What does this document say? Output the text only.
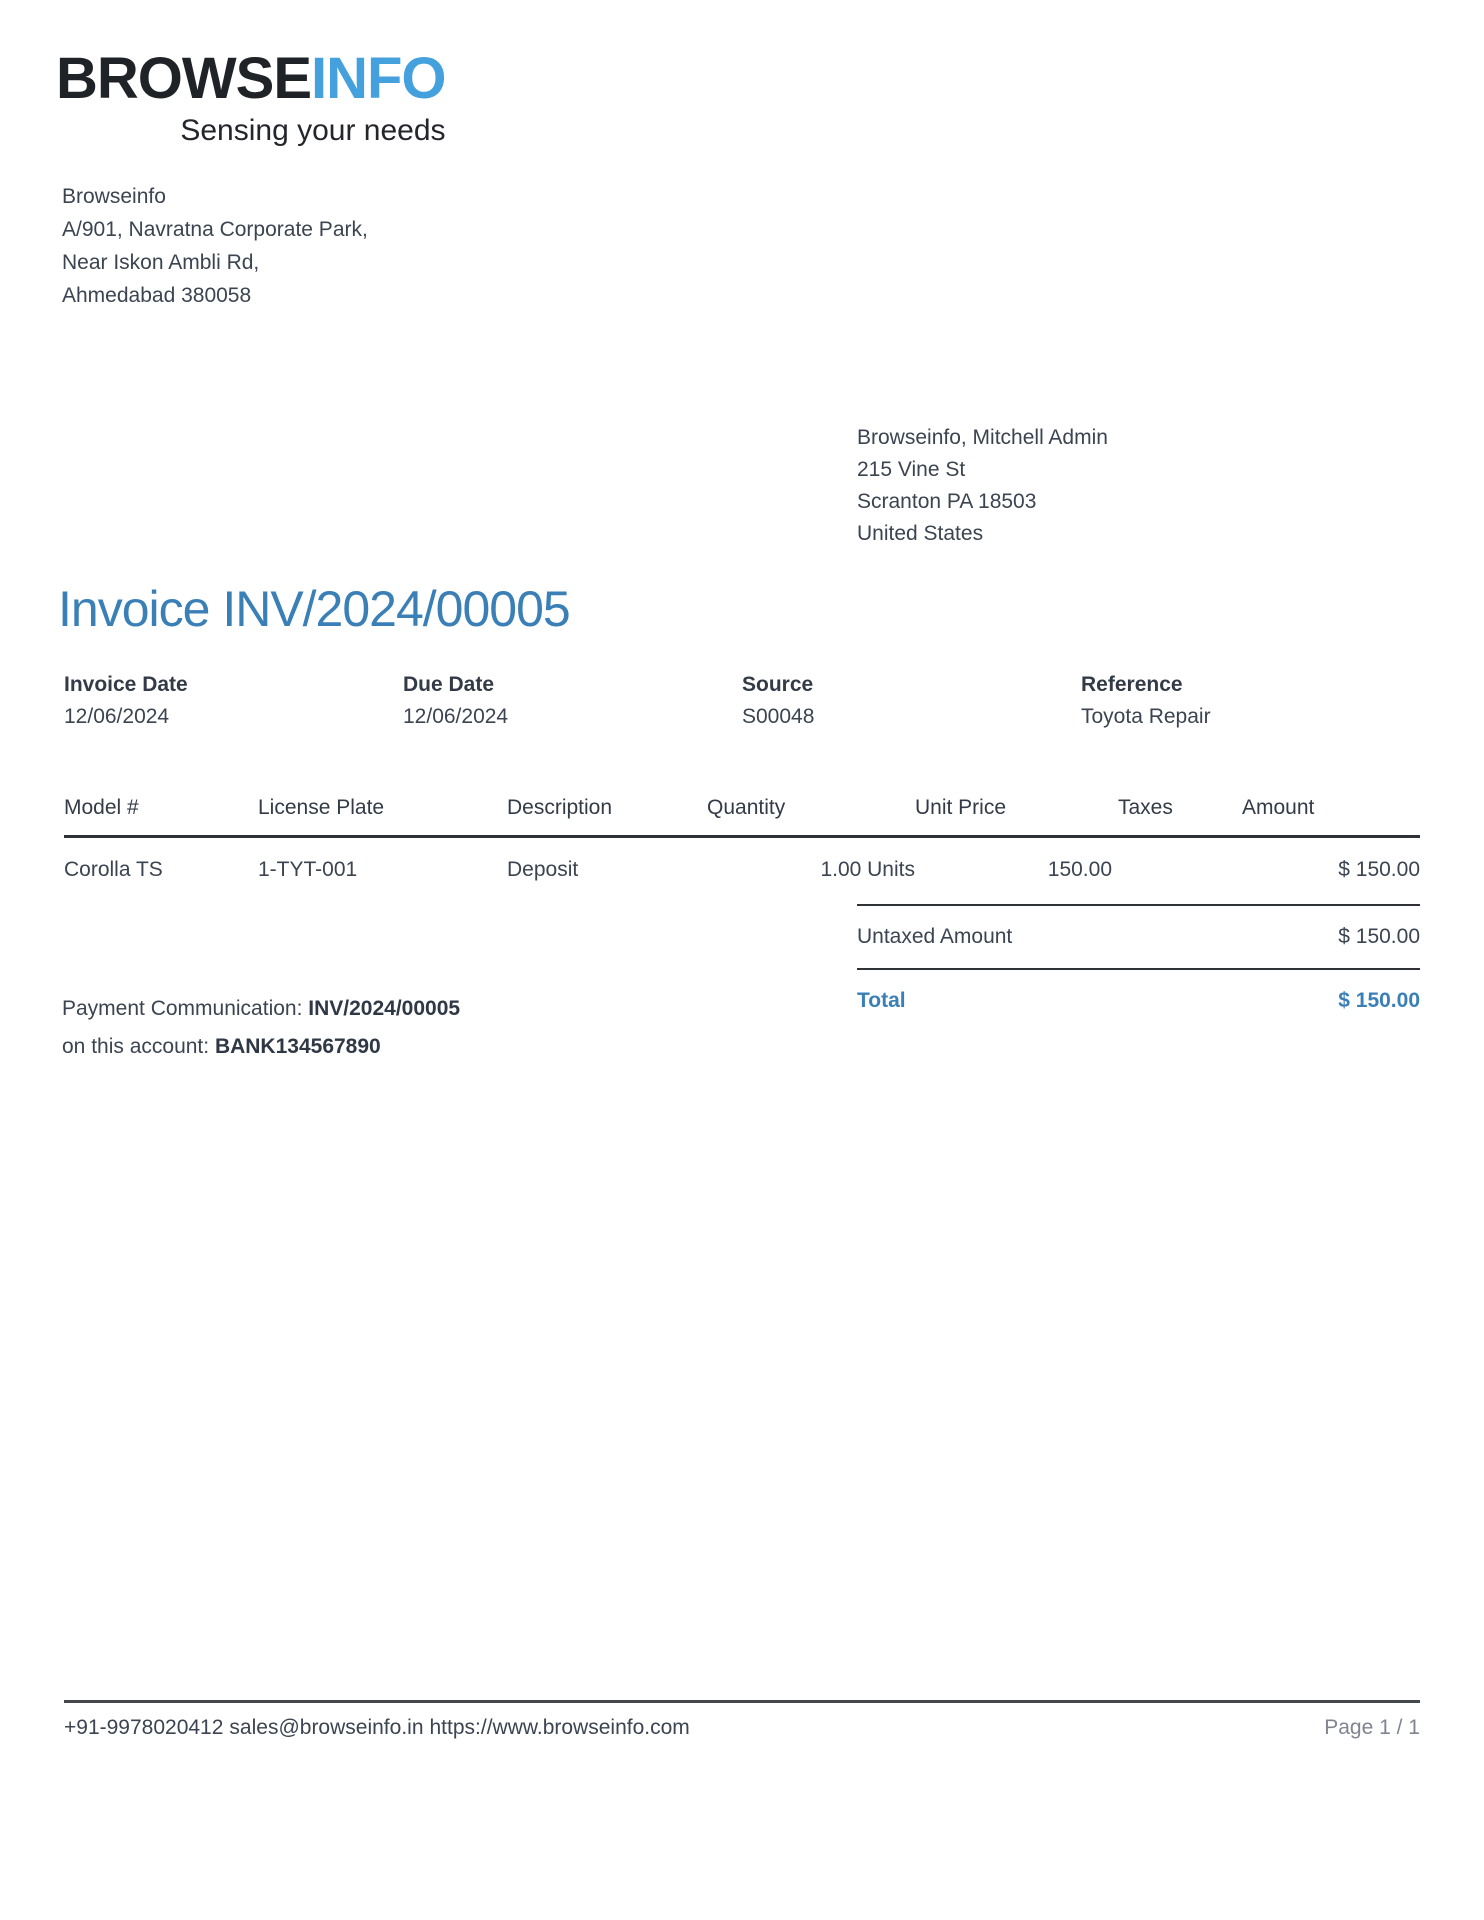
BROWSEINFO
Sensing your needs
Browseinfo
A/901, Navratna Corporate Park,
Near Iskon Ambli Rd,
Ahmedabad 380058
Browseinfo, Mitchell Admin
215 Vine St
Scranton PA 18503
United States
Invoice INV/2024/00005
Invoice Date
12/06/2024
Due Date
12/06/2024
Source
S00048
Reference
Toyota Repair
Model #	License Plate	Description	Quantity	Unit Price	Taxes	Amount
Corolla TS	1-TYT-001	Deposit	1.00 Units	150.00		$ 150.00
Untaxed Amount	$ 150.00
Total	$ 150.00
Payment Communication: INV/2024/00005
on this account: BANK134567890
+91-9978020412 sales@browseinfo.in https://www.browseinfo.com	Page 1 / 1
